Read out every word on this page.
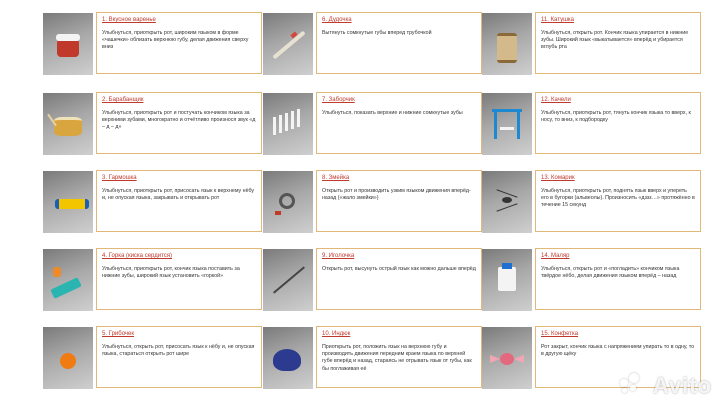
1. Вкусное варенье
Улыбнуться, приоткрыть рот, широким языком в форме «чашечки» облизать верхнюю губу, делая движения сверху вниз
2. Барабанщик
Улыбнуться, приоткрыть рот и постучать кончиком языка за верхними зубами, многократно и отчётливо произнося звук «д – д – д»
3. Гармошка
Улыбнуться, приоткрыть рот, присосать язык к верхнему нёбу и, не опуская языка, закрывать и открывать рот
4. Горка (киска сердится)
Улыбнуться, приоткрыть рот, кончик языка поставить за нижние зубы, широкий язык установить «горкой»
5. Грибочек
Улыбнуться, открыть рот, присосать язык к нёбу и, не опуская языка, стараться открыть рот шире
6. Дудочка
Вытянуть сомкнутые губы вперед трубочкой
7. Заборчик
Улыбнуться, показать верхние и нижние сомкнутые зубы
8. Змейка
Открыть рот и производить узким языком движения вперёд-назад («жало змейки»)
9. Иголочка
Открыть рот, высунуть острый язык как можно дальше вперёд
10. Индюк
Приоткрыть рот, положить язык на верхнюю губу и производить движения передним краем языка по верхней губе вперёд и назад, стараясь не отрывать язык от губы, как бы поглаживая её
11. Катушка
Улыбнуться, открыть рот. Кончик языка упирается в нижние зубы. Широкий язык «выкатывается» вперёд и убирается вглубь рта
12. Качели
Улыбнуться, приоткрыть рот, тянуть кончик языка то вверх, к носу, то вниз, к подбородку
13. Комарик
Улыбнуться, приоткрыть рот, поднять язык вверх и упереть его в бугорки (альвеолы). Произносить «дззз…» протяжённо в течение 15 секунд
14. Маляр
Улыбнуться, открыть рот и «погладить» кончиком языка твёрдое нёбо, делая движения языком вперёд – назад
15. Конфетка
Рот закрыт, кончик языка с напряжением упирать то в одну, то в другую щёку
Avito
